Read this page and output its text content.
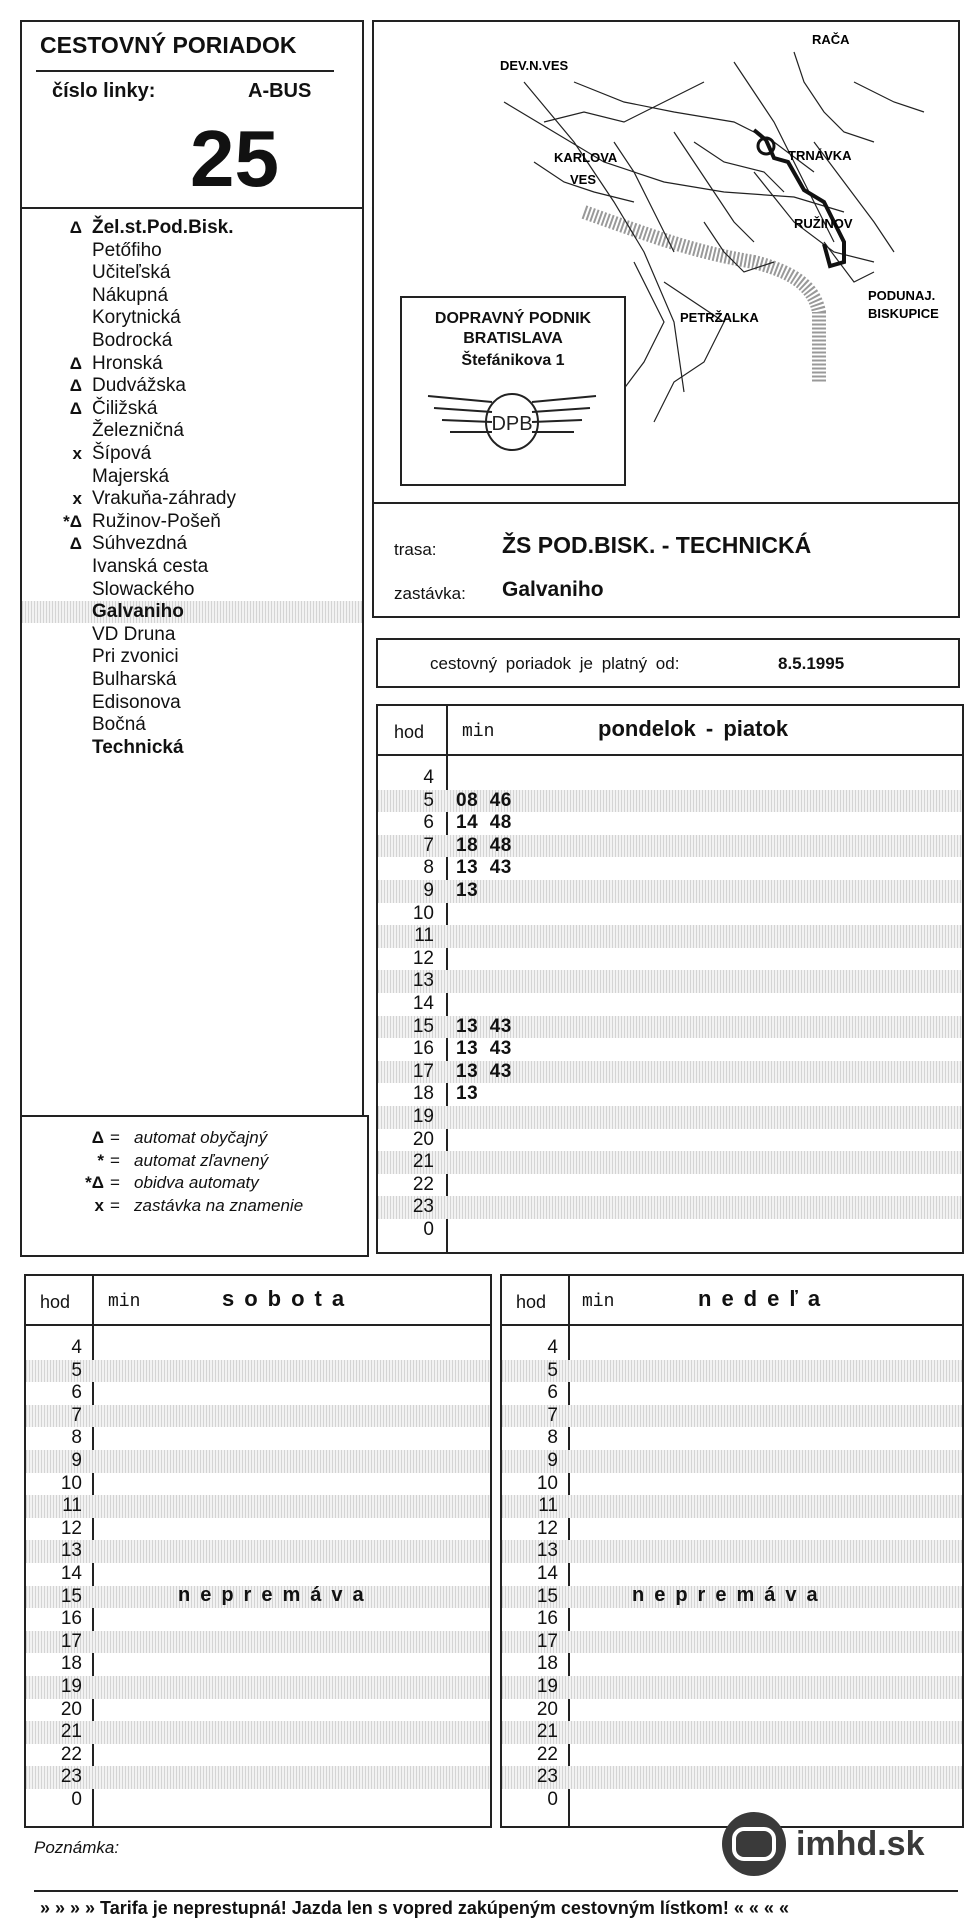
CESTOVNÝ PORIADOK
číslo linky:	A-BUS
25
Δ Žel.st.Pod.Bisk.
Petőfiho
Učiteľská
Nákupná
Korytnická
Bodrocká
Δ Hronská
Δ Dudvážska
Δ Čiližská
Železničná
x Šípová
Majerská
x Vrakuňa-záhrady
*Δ Ružinov-Pošeň
Δ Súhvezdná
Ivanská cesta
Slowackého
Galvaniho
VD Druna
Pri zvonici
Bulharská
Edisonova
Bočná
Technická
Δ = automat obyčajný
* = automat zľavnený
*Δ = obidva automaty
x = zastávka na znamenie
RAČA
DEV.N.VES
KARLOVA
VES
TRNÁVKA
RUŽINOV
PODUNAJ.
BISKUPICE
PETRŽALKA
DOPRAVNÝ PODNIK
BRATISLAVA
Štefánikova 1
DPB
trasa:	ŽS POD.BISK. - TECHNICKÁ
zastávka: Galvaniho
cestovný poriadok je platný od:	8.5.1995
hod min	pondelok - piatok
4
5 08  46
6 14  48
7 18  48
8 13  43
9 13
10
11
12
13
14
15 13  43
16 13  43
17 13  43
18 13
19
20
21
22
23
0
hod min	sobota
4
5
6
7
8
9
10
11
12
13
14
15
16
17
18
19
20
21
22
23
0
nepremáva
hod min	nedeľa
4
5
6
7
8
9
10
11
12
13
14
15
16
17
18
19
20
21
22
23
0
nepremáva
Poznámka:	imhd.sk
» » » » Tarifa je neprestupná! Jazda len s vopred zakúpeným cestovným lístkom! « « « «
